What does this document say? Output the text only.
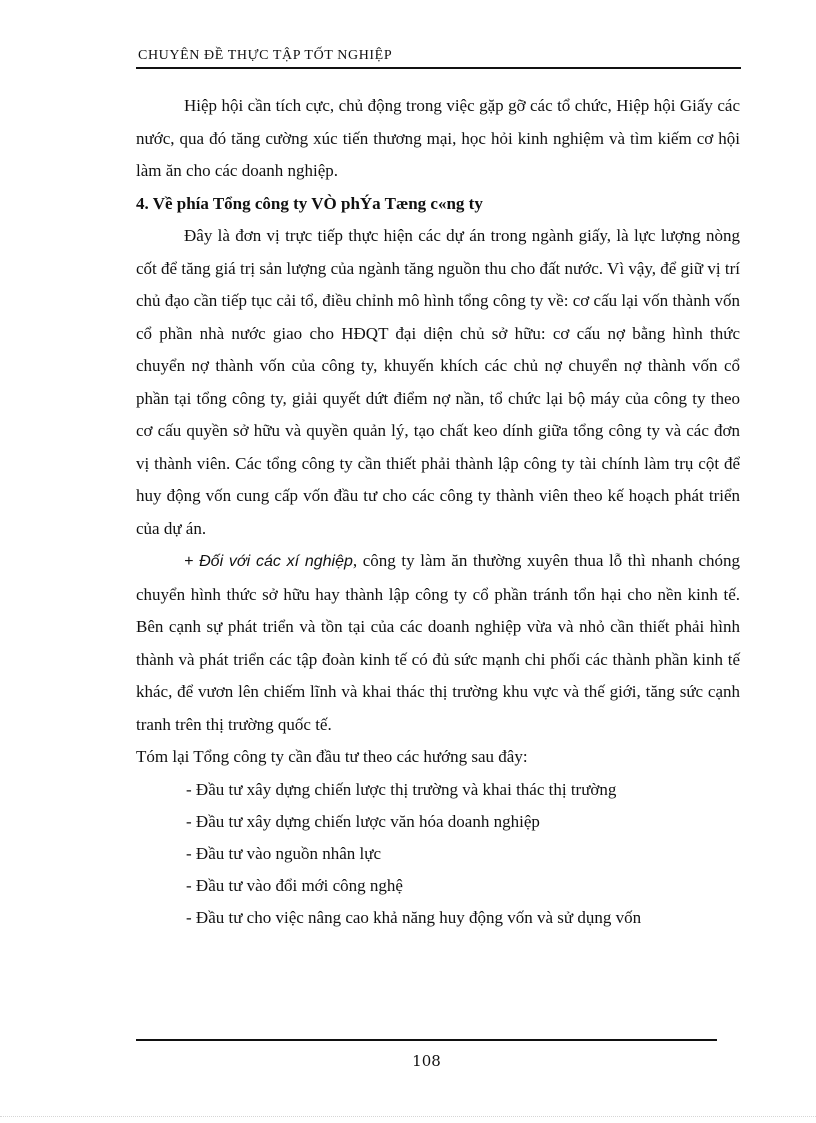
CHUYÊN ĐỀ THỰC TẬP TỐT NGHIỆP

Hiệp hội cần tích cực, chủ động trong việc gặp gỡ các tổ chức, Hiệp hội Giấy các nước, qua đó tăng cường xúc tiến thương mại, học hỏi kinh nghiệm và tìm kiếm cơ hội làm ăn cho các doanh nghiệp.

4. Về phía Tổng công ty VÒ phÝa Tæng c«ng ty

Đây là đơn vị trực tiếp thực hiện các dự án trong ngành giấy, là lực lượng nòng cốt để tăng giá trị sản lượng của ngành tăng nguồn thu cho đất nước. Vì vậy, để giữ vị trí chủ đạo cần tiếp tục cải tổ, điều chỉnh mô hình tổng công ty về: cơ cấu lại vốn thành vốn cổ phần nhà nước giao cho HĐQT đại diện chủ sở hữu: cơ cấu nợ bằng hình thức chuyển nợ thành vốn của công ty, khuyến khích các chủ nợ chuyển nợ thành vốn cổ phần tại tổng công ty, giải quyết dứt điểm nợ nần, tổ chức lại bộ máy của công ty theo cơ cấu quyền sở hữu và quyền quản lý, tạo chất keo dính giữa tổng công ty và các đơn vị thành viên. Các tổng công ty cần thiết phải thành lập công ty tài chính làm trụ cột để huy động vốn cung cấp vốn đầu tư cho các công ty thành viên theo kế hoạch phát triển của dự án.

+ Đối với các xí nghiệp, công ty làm ăn thường xuyên thua lỗ thì nhanh chóng chuyển hình thức sở hữu hay thành lập công ty cổ phần tránh tổn hại cho nền kinh tế. Bên cạnh sự phát triển và tồn tại của các doanh nghiệp vừa và nhỏ cần thiết phải hình thành và phát triển các tập đoàn kinh tế có đủ sức mạnh chi phối các thành phần kinh tế khác, để vươn lên chiếm lĩnh và khai thác thị trường khu vực và thế giới, tăng sức cạnh tranh trên thị trường quốc tế.

Tóm lại Tổng công ty cần đầu tư theo các hướng sau đây:

- Đầu tư xây dựng chiến lược thị trường và khai thác thị trường
- Đầu tư xây dựng chiến lược văn hóa doanh nghiệp
- Đầu tư vào nguồn nhân lực
- Đầu tư vào đổi mới công nghệ
- Đầu tư cho việc nâng cao khả năng huy động vốn và sử dụng vốn
108
